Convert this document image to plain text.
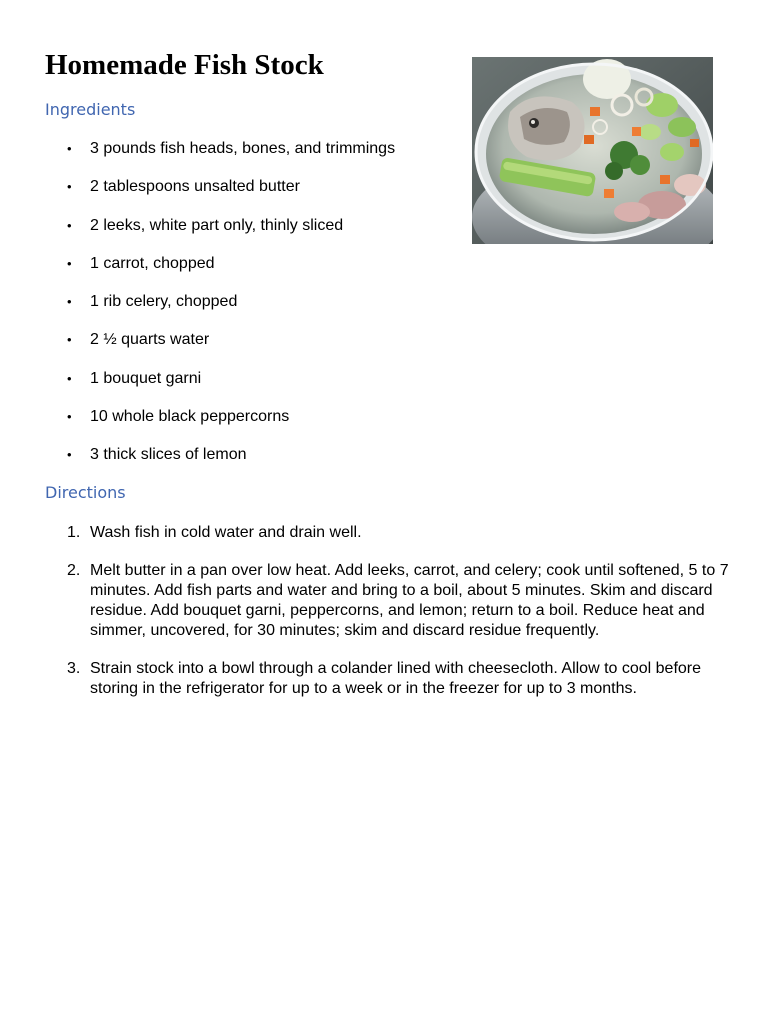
Homemade Fish Stock
Ingredients
• 3 pounds fish heads, bones, and trimmings
• 2 tablespoons unsalted butter
• 2 leeks, white part only, thinly sliced
• 1 carrot, chopped
• 1 rib celery, chopped
• 2 ½ quarts water
• 1 bouquet garni
• 10 whole black peppercorns
• 3 thick slices of lemon
Directions
1. Wash fish in cold water and drain well.
2. Melt butter in a pan over low heat. Add leeks, carrot, and celery; cook until softened, 5 to 7 minutes. Add fish parts and water and bring to a boil, about 5 minutes. Skim and discard residue. Add bouquet garni, peppercorns, and lemon; return to a boil. Reduce heat and simmer, uncovered, for 30 minutes; skim and discard residue frequently.
3. Strain stock into a bowl through a colander lined with cheesecloth. Allow to cool before storing in the refrigerator for up to a week or in the freezer for up to 3 months.
